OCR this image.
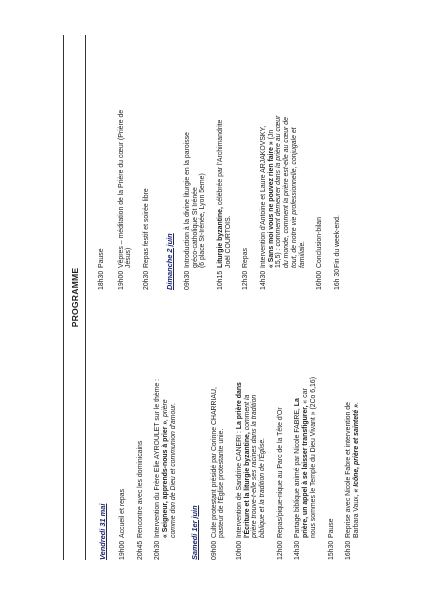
PROGRAMME
Vendredi 31 mai 19h00
Accueil et repas
20h45
Rencontre avec les dominicains
20h30
Intervention du Frère Elie AYROULET sur le thème : « Seigneur, apprends-nous à prier », prière comme don de Dieu et communion d'amour. Samedi 1er juin 09h00
Culte protestant présidé par Corinne CHARRIAU, pasteur de l'Église protestante unie.
10h00
Intervention de Sandrine CANERI : La prière dans
l'Écriture et la liturgie byzantine, comment la prière trouve-t-elle ses racines dans la tradition biblique et la tradition de l'Église.
12h00
Repas/pique-nique au Parc de la Tête d'Or
14h30
Partage biblique animé par Nicole FABRE, La
prière, un appel à se laisser transfigurer, « car nous sommes le Temple du Dieu Vivant » (2Co 6,16)
15h30
Pause
16h30
Reprise avec Nicole Fabre et intervention de Barbara Vaux, « Icône, prière et sainteté ».
18h30
Pause
19h00
Vêpres – méditation de la Prière du cœur (Prière de Jésus)
20h30
Repas festif et soirée libre Dimanche 2 juin 09h30
Introduction à la divine liturgie en la paroisse gréco-catholique St Irénée (6 place St-Irénée, Lyon 5eme)
10h15
Liturgie byzantine, célébrée par l'Archimandrite
Joël COURTOIS.
12h30
Repas
14h30
Intervention d'Antoine et Laure ARJAKOVSKY, « Sans moi vous ne pouvez rien faire » (Jn
15,5) : comment demeurer dans la prière au cœur du monde, comment la prière est-elle au cœur de tout, de notre vie professionnelle, conjugale et familiale.
16h00
Conclusion-bilan
16h 30
Fin du week-end.
